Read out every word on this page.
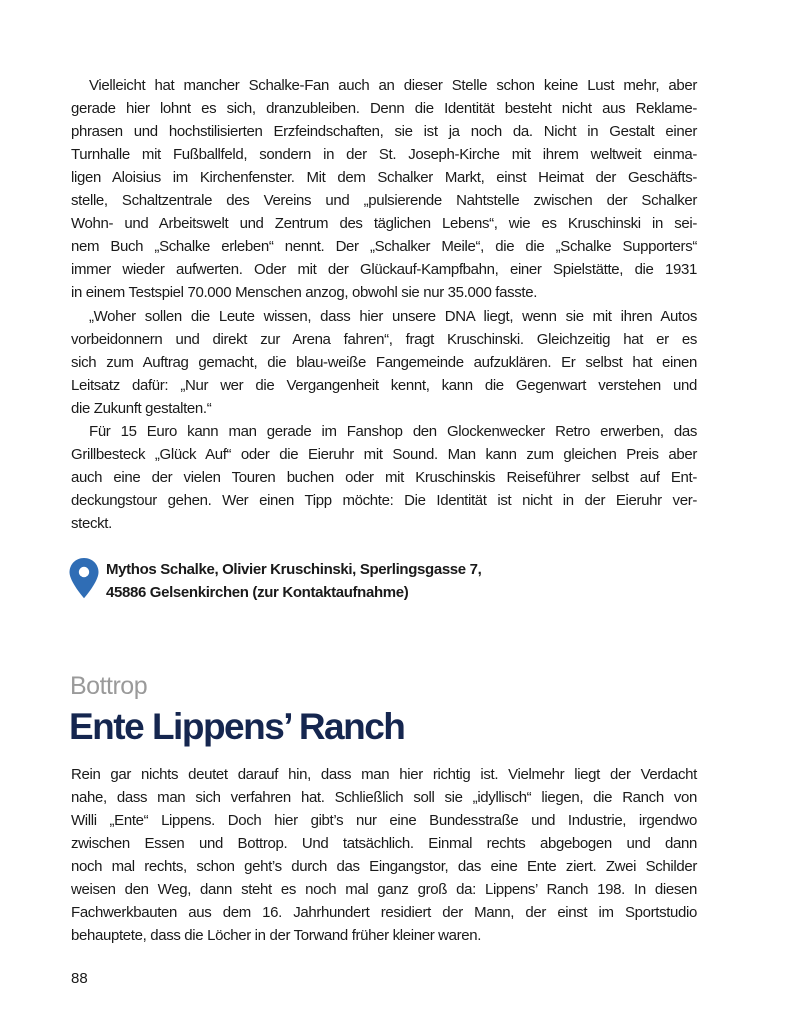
Vielleicht hat mancher Schalke-Fan auch an dieser Stelle schon keine Lust mehr, aber
gerade hier lohnt es sich, dranzubleiben. Denn die Identität besteht nicht aus Reklame-
phrasen und hochstilisierten Erzfeindschaften, sie ist ja noch da. Nicht in Gestalt einer
Turnhalle mit Fußballfeld, sondern in der St. Joseph-Kirche mit ihrem weltweit einma-
ligen Aloisius im Kirchenfenster. Mit dem Schalker Markt, einst Heimat der Geschäfts-
stelle, Schaltzentrale des Vereins und „pulsierende Nahtstelle zwischen der Schalker
Wohn- und Arbeitswelt und Zentrum des täglichen Lebens“, wie es Kruschinski in sei-
nem Buch „Schalke erleben“ nennt. Der „Schalker Meile“, die die „Schalke Supporters“
immer wieder aufwerten. Oder mit der Glückauf-Kampfbahn, einer Spielstätte, die 1931
in einem Testspiel 70.000 Menschen anzog, obwohl sie nur 35.000 fasste.
„Woher sollen die Leute wissen, dass hier unsere DNA liegt, wenn sie mit ihren Autos
vorbeidonnern und direkt zur Arena fahren“, fragt Kruschinski. Gleichzeitig hat er es
sich zum Auftrag gemacht, die blau-weiße Fangemeinde aufzuklären. Er selbst hat einen
Leitsatz dafür: „Nur wer die Vergangenheit kennt, kann die Gegenwart verstehen und
die Zukunft gestalten.“
Für 15 Euro kann man gerade im Fanshop den Glockenwecker Retro erwerben, das
Grillbesteck „Glück Auf“ oder die Eieruhr mit Sound. Man kann zum gleichen Preis aber
auch eine der vielen Touren buchen oder mit Kruschinskis Reiseführer selbst auf Ent-
deckungstour gehen. Wer einen Tipp möchte: Die Identität ist nicht in der Eieruhr ver-
steckt.
Mythos Schalke, Olivier Kruschinski, Sperlingsgasse 7,
45886 Gelsenkirchen (zur Kontaktaufnahme)
Bottrop
Ente Lippens’ Ranch
Rein gar nichts deutet darauf hin, dass man hier richtig ist. Vielmehr liegt der Verdacht
nahe, dass man sich verfahren hat. Schließlich soll sie „idyllisch“ liegen, die Ranch von
Willi „Ente“ Lippens. Doch hier gibt’s nur eine Bundesstraße und Industrie, irgendwo
zwischen Essen und Bottrop. Und tatsächlich. Einmal rechts abgebogen und dann
noch mal rechts, schon geht’s durch das Eingangstor, das eine Ente ziert. Zwei Schilder
weisen den Weg, dann steht es noch mal ganz groß da: Lippens’ Ranch 198. In diesen
Fachwerkbauten aus dem 16. Jahrhundert residiert der Mann, der einst im Sportstudio
behauptete, dass die Löcher in der Torwand früher kleiner waren.
88
